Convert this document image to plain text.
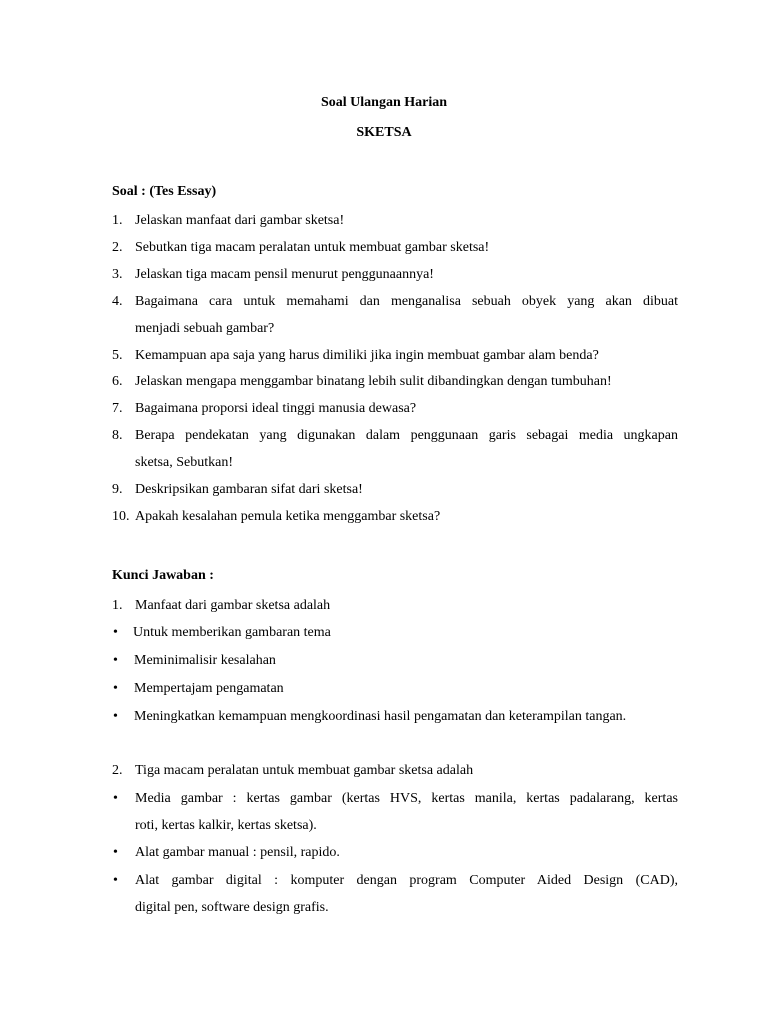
Soal Ulangan Harian

SKETSA

Soal : (Tes Essay)

1. Jelaskan manfaat dari gambar sketsa!
2. Sebutkan tiga macam peralatan untuk membuat gambar sketsa!
3. Jelaskan tiga macam pensil menurut penggunaannya!
4. Bagaimana cara untuk memahami dan menganalisa sebuah obyek yang akan dibuat
menjadi sebuah gambar?
5. Kemampuan apa saja yang harus dimiliki jika ingin membuat gambar alam benda?
6. Jelaskan mengapa menggambar binatang lebih sulit dibandingkan dengan tumbuhan!
7. Bagaimana proporsi ideal tinggi manusia dewasa?
8. Berapa pendekatan yang digunakan dalam penggunaan garis sebagai media ungkapan
sketsa, Sebutkan!
9. Deskripsikan gambaran sifat dari sketsa!
10. Apakah kesalahan pemula ketika menggambar sketsa?

Kunci Jawaban :

1. Manfaat dari gambar sketsa adalah
• Untuk memberikan gambaran tema
• Meminimalisir kesalahan
• Mempertajam pengamatan
• Meningkatkan kemampuan mengkoordinasi hasil pengamatan dan keterampilan tangan.
2. Tiga macam peralatan untuk membuat gambar sketsa adalah
• Media gambar : kertas gambar (kertas HVS, kertas manila, kertas padalarang, kertas
roti, kertas kalkir, kertas sketsa).
• Alat gambar manual : pensil, rapido.
• Alat gambar digital : komputer dengan program Computer Aided Design (CAD),
digital pen, software design grafis.
